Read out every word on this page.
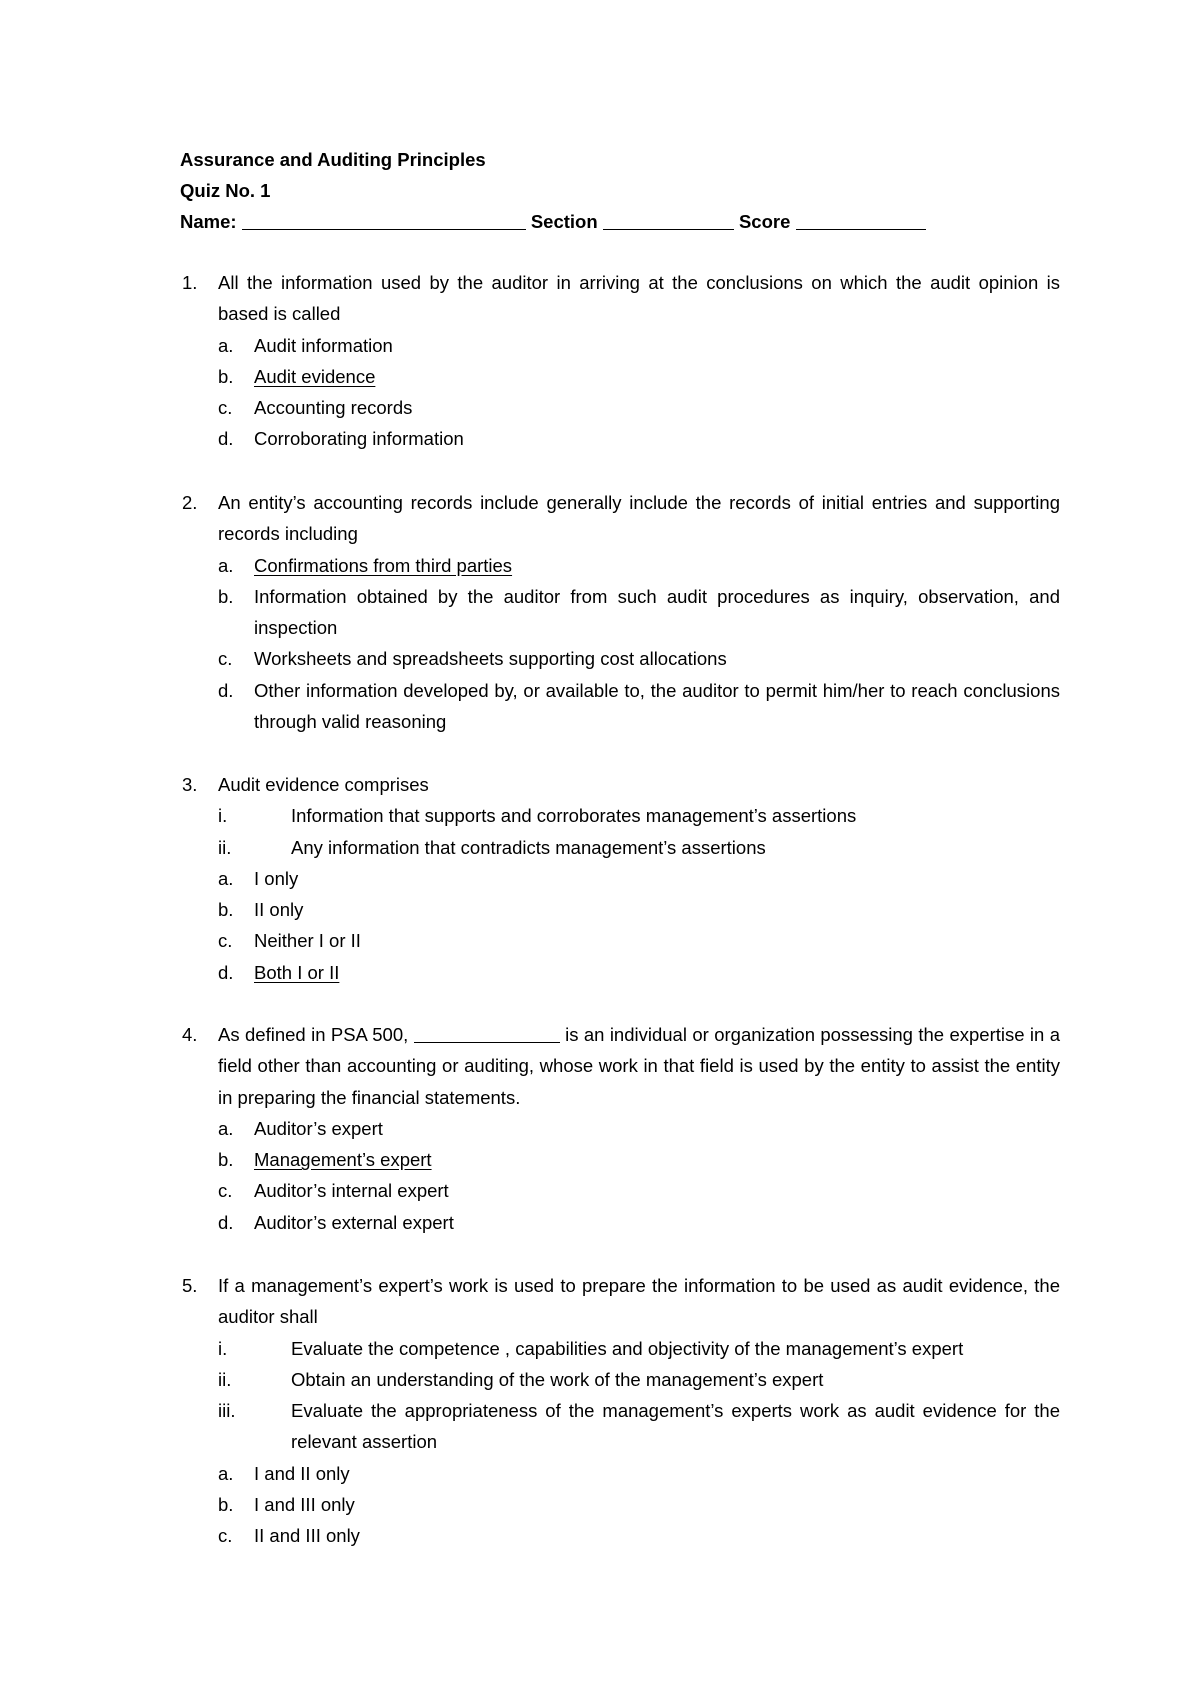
Assurance and Auditing Principles
Quiz No. 1
Name:	Section	Score
1. All the information used by the auditor in arriving at the conclusions on which the audit opinion is based is called
a. Audit information
b. Audit evidence
c. Accounting records
d. Corroborating information
2. An entity’s accounting records include generally include the records of initial entries and supporting records including
a. Confirmations from third parties
b. Information obtained by the auditor from such audit procedures as inquiry, observation, and inspection
c. Worksheets and spreadsheets supporting cost allocations
d. Other information developed by, or available to, the auditor to permit him/her to reach conclusions through valid reasoning
3. Audit evidence comprises
i.	Information that supports and corroborates management’s assertions
ii.	Any information that contradicts management’s assertions
a. I only
b. II only
c. Neither I or II
d. Both I or II
4. As defined in PSA 500,	is an individual or organization possessing the expertise in a field other than accounting or auditing, whose work in that field is used by the entity to assist the entity in preparing the financial statements.
a. Auditor’s expert
b. Management’s expert
c. Auditor’s internal expert
d. Auditor’s external expert
5. If a management’s expert’s work is used to prepare the information to be used as audit evidence, the auditor shall
i.	Evaluate the competence , capabilities and objectivity of the management’s expert
ii.	Obtain an understanding of the work of the management’s expert
iii.	Evaluate the appropriateness of the management’s experts work as audit evidence for the relevant assertion
a. I and II only
b. I and III only
c. II and III only
